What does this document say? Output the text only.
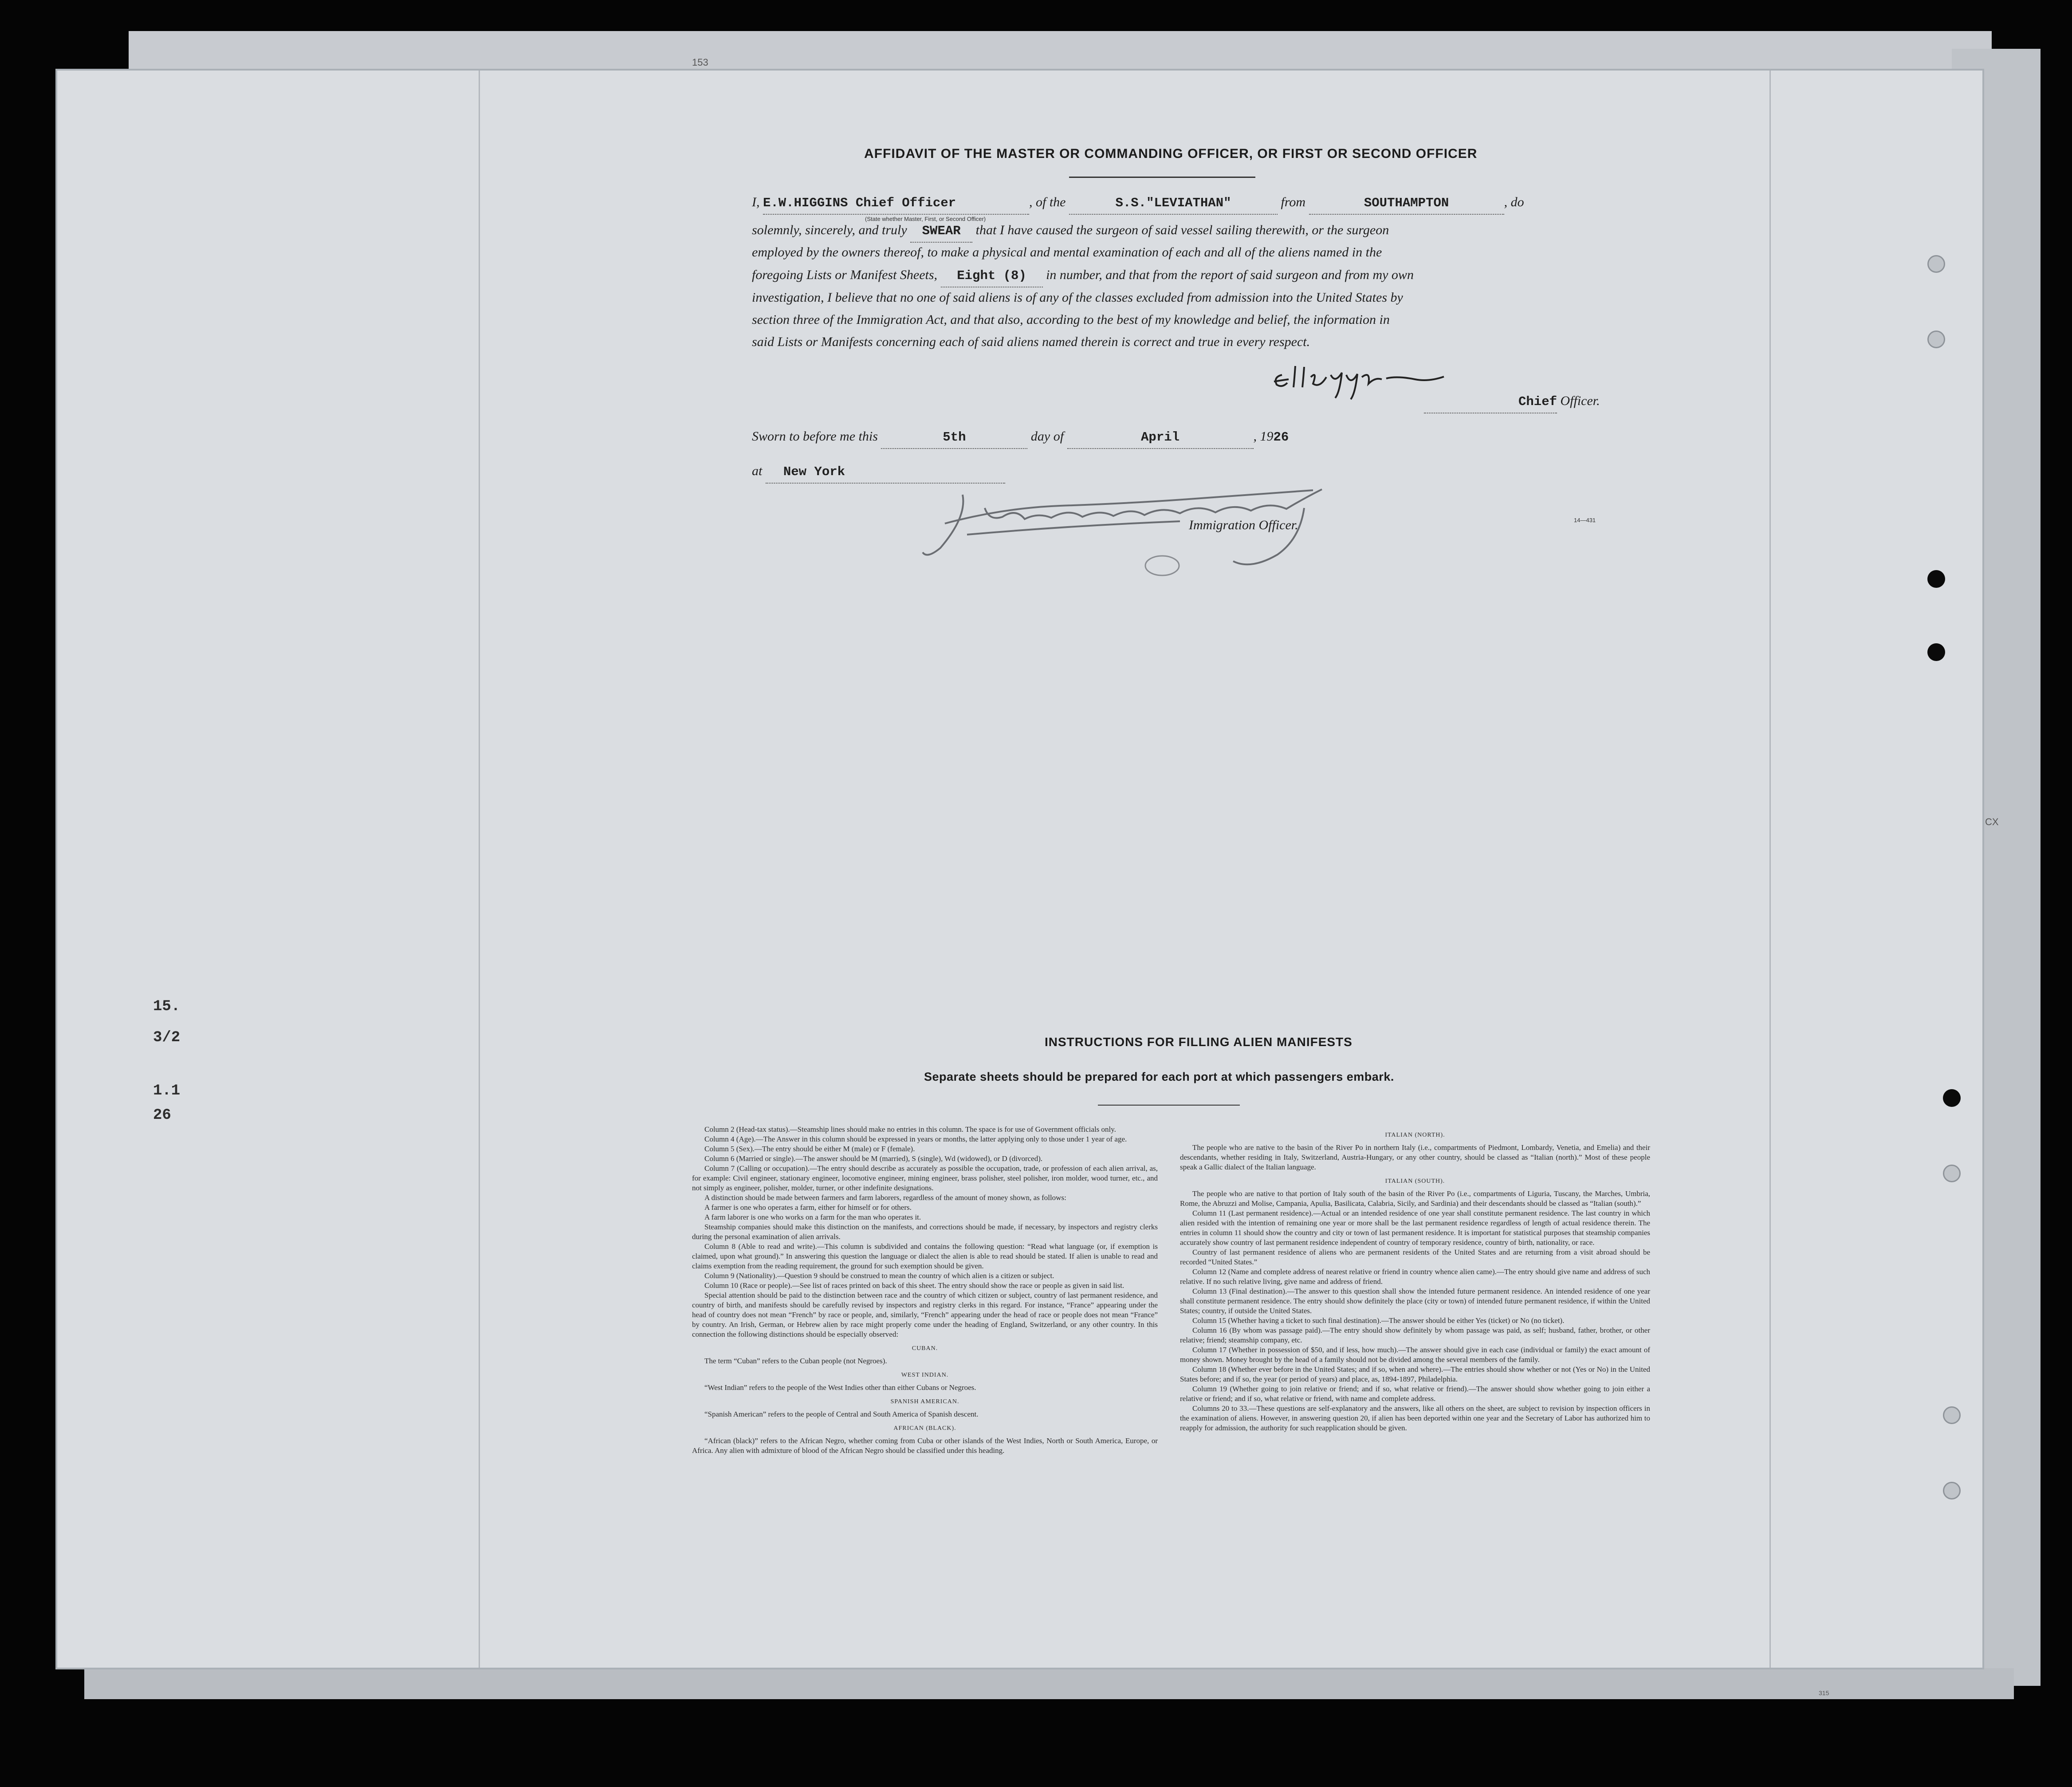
153
CX
315
AFFIDAVIT OF THE MASTER OR COMMANDING OFFICER, OR FIRST OR SECOND OFFICER
I, E.W.HIGGINS Chief Officer	, of the	S.S."LEVIATHAN"	from	SOUTHAMPTON	, do
(State whether Master, First, or Second Officer)
solemnly, sincerely, and truly SWEAR that I have caused the surgeon of said vessel sailing therewith, or the surgeon
employed by the owners thereof, to make a physical and mental examination of each and all of the aliens named in the
foregoing Lists or Manifest Sheets, Eight (8) in number, and that from the report of said surgeon and from my own
investigation, I believe that no one of said aliens is of any of the classes excluded from admission into the United States by
section three of the Immigration Act, and that also, according to the best of my knowledge and belief, the information in
said Lists or Manifests concerning each of said aliens named therein is correct and true in every respect.
Chief Officer.
Sworn to before me this	5th	day of	April	, 1926
at New York
Immigration Officer.	14—431
15.
3/2
1.1
26
INSTRUCTIONS FOR FILLING ALIEN MANIFESTS
Separate sheets should be prepared for each port at which passengers embark.

Column 2 (Head-tax status).—Steamship lines should make no entries in this column. The space is for use of Government officials only.

Column 4 (Age).—The Answer in this column should be expressed in years or months, the latter applying only to those under 1 year of age.

Column 5 (Sex).—The entry should be either M (male) or F (female).

Column 6 (Married or single).—The answer should be M (married), S (single), Wd (widowed), or D (divorced).

Column 7 (Calling or occupation).—The entry should describe as accurately as possible the occupation, trade, or profession of each alien arrival, as, for example: Civil engineer, stationary engineer, locomotive engineer, mining engineer, brass polisher, steel polisher, iron molder, wood turner, etc., and not simply as engineer, polisher, molder, turner, or other indefinite designations.

A distinction should be made between farmers and farm laborers, regardless of the amount of money shown, as follows:

A farmer is one who operates a farm, either for himself or for others.

A farm laborer is one who works on a farm for the man who operates it.

Steamship companies should make this distinction on the manifests, and corrections should be made, if necessary, by inspectors and registry clerks during the personal examination of alien arrivals.

Column 8 (Able to read and write).—This column is subdivided and contains the following question: “Read what language (or, if exemption is claimed, upon what ground).” In answering this question the language or dialect the alien is able to read should be stated. If alien is unable to read and claims exemption from the reading requirement, the ground for such exemption should be given.

Column 9 (Nationality).—Question 9 should be construed to mean the country of which alien is a citizen or subject.

Column 10 (Race or people).—See list of races printed on back of this sheet. The entry should show the race or people as given in said list.

Special attention should be paid to the distinction between race and the country of which citizen or subject, country of last permanent residence, and country of birth, and manifests should be carefully revised by inspectors and registry clerks in this regard. For instance, “France” appearing under the head of country does not mean “French” by race or people, and, similarly, “French” appearing under the head of race or people does not mean “France” by country. An Irish, German, or Hebrew alien by race might properly come under the heading of England, Switzerland, or any other country. In this connection the following distinctions should be especially observed:

CUBAN.

The term “Cuban” refers to the Cuban people (not Negroes).

WEST INDIAN.

“West Indian” refers to the people of the West Indies other than either Cubans or Negroes.

SPANISH AMERICAN.

“Spanish American” refers to the people of Central and South America of Spanish descent.

AFRICAN (BLACK).

“African (black)” refers to the African Negro, whether coming from Cuba or other islands of the West Indies, North or South America, Europe, or Africa. Any alien with admixture of blood of the African Negro should be classified under this heading.

ITALIAN (NORTH).

The people who are native to the basin of the River Po in northern Italy (i.e., compartments of Piedmont, Lombardy, Venetia, and Emelia) and their descendants, whether residing in Italy, Switzerland, Austria-Hungary, or any other country, should be classed as “Italian (north).” Most of these people speak a Gallic dialect of the Italian language.

ITALIAN (SOUTH).

The people who are native to that portion of Italy south of the basin of the River Po (i.e., compartments of Liguria, Tuscany, the Marches, Umbria, Rome, the Abruzzi and Molise, Campania, Apulia, Basilicata, Calabria, Sicily, and Sardinia) and their descendants should be classed as “Italian (south).”

Column 11 (Last permanent residence).—Actual or an intended residence of one year shall constitute permanent residence. The last country in which alien resided with the intention of remaining one year or more shall be the last permanent residence regardless of length of actual residence therein. The entries in column 11 should show the country and city or town of last permanent residence. It is important for statistical purposes that steamship companies accurately show country of last permanent residence independent of country of temporary residence, country of birth, nationality, or race.

Country of last permanent residence of aliens who are permanent residents of the United States and are returning from a visit abroad should be recorded “United States.”

Column 12 (Name and complete address of nearest relative or friend in country whence alien came).—The entry should give name and address of such relative. If no such relative living, give name and address of friend.

Column 13 (Final destination).—The answer to this question shall show the intended future permanent residence. An intended residence of one year shall constitute permanent residence. The entry should show definitely the place (city or town) of intended future permanent residence, if within the United States; country, if outside the United States.

Column 15 (Whether having a ticket to such final destination).—The answer should be either Yes (ticket) or No (no ticket).

Column 16 (By whom was passage paid).—The entry should show definitely by whom passage was paid, as self; husband, father, brother, or other relative; friend; steamship company, etc.

Column 17 (Whether in possession of $50, and if less, how much).—The answer should give in each case (individual or family) the exact amount of money shown. Money brought by the head of a family should not be divided among the several members of the family.

Column 18 (Whether ever before in the United States; and if so, when and where).—The entries should show whether or not (Yes or No) in the United States before; and if so, the year (or period of years) and place, as, 1894-1897, Philadelphia.

Column 19 (Whether going to join relative or friend; and if so, what relative or friend).—The answer should show whether going to join either a relative or friend; and if so, what relative or friend, with name and complete address.

Columns 20 to 33.—These questions are self-explanatory and the answers, like all others on the sheet, are subject to revision by inspection officers in the examination of aliens. However, in answering question 20, if alien has been deported within one year and the Secretary of Labor has authorized him to reapply for admission, the authority for such reapplication should be given.
